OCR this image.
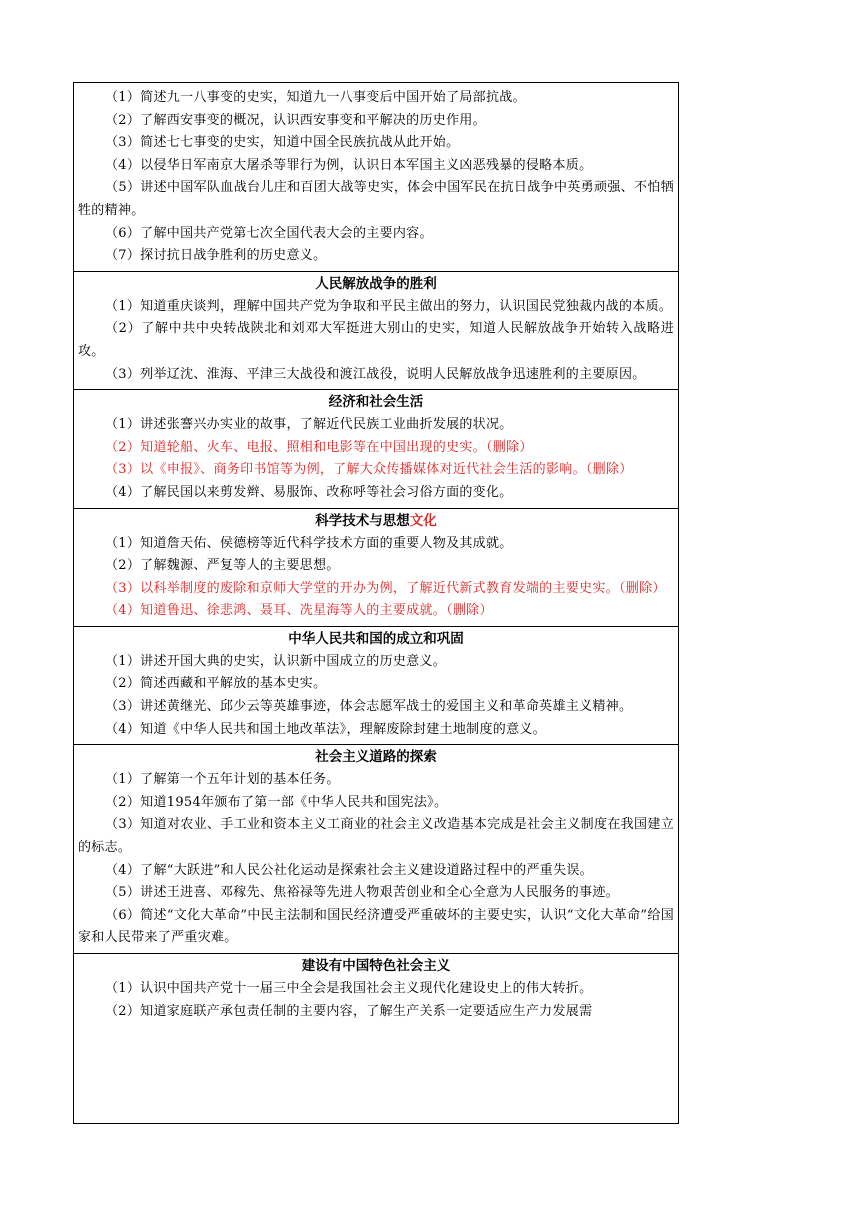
（1）简述九一八事变的史实，知道九一八事变后中国开始了局部抗战。

（2）了解西安事变的概况，认识西安事变和平解决的历史作用。

（3）简述七七事变的史实，知道中国全民族抗战从此开始。

（4）以侵华日军南京大屠杀等罪行为例，认识日本军国主义凶恶残暴的侵略本质。

（5）讲述中国军队血战台儿庄和百团大战等史实，体会中国军民在抗日战争中英勇顽强、不怕牺牲的精神。

（6）了解中国共产党第七次全国代表大会的主要内容。

（7）探讨抗日战争胜利的历史意义。

人民解放战争的胜利

（1）知道重庆谈判，理解中国共产党为争取和平民主做出的努力，认识国民党独裁内战的本质。

（2）了解中共中央转战陕北和刘邓大军挺进大别山的史实，知道人民解放战争开始转入战略进攻。

（3）列举辽沈、淮海、平津三大战役和渡江战役，说明人民解放战争迅速胜利的主要原因。

经济和社会生活

（1）讲述张謇兴办实业的故事，了解近代民族工业曲折发展的状况。

（2）知道轮船、火车、电报、照相和电影等在中国出现的史实。（删除）

（3）以《申报》、商务印书馆等为例，了解大众传播媒体对近代社会生活的影响。（删除）

（4）了解民国以来剪发辫、易服饰、改称呼等社会习俗方面的变化。

科学技术与思想文化

（1）知道詹天佑、侯德榜等近代科学技术方面的重要人物及其成就。

（2）了解魏源、严复等人的主要思想。

（3）以科举制度的废除和京师大学堂的开办为例，了解近代新式教育发端的主要史实。（删除）

（4）知道鲁迅、徐悲鸿、聂耳、冼星海等人的主要成就。（删除）

中华人民共和国的成立和巩固

（1）讲述开国大典的史实，认识新中国成立的历史意义。

（2）简述西藏和平解放的基本史实。

（3）讲述黄继光、邱少云等英雄事迹，体会志愿军战士的爱国主义和革命英雄主义精神。

（4）知道《中华人民共和国土地改革法》，理解废除封建土地制度的意义。

社会主义道路的探索

（1）了解第一个五年计划的基本任务。

（2）知道1954年颁布了第一部《中华人民共和国宪法》。

（3）知道对农业、手工业和资本主义工商业的社会主义改造基本完成是社会主义制度在我国建立的标志。

（4）了解“大跃进”和人民公社化运动是探索社会主义建设道路过程中的严重失误。

（5）讲述王进喜、邓稼先、焦裕禄等先进人物艰苦创业和全心全意为人民服务的事迹。

（6）简述“文化大革命”中民主法制和国民经济遭受严重破坏的主要史实，认识“文化大革命”给国家和人民带来了严重灾难。

建设有中国特色社会主义

（1）认识中国共产党十一届三中全会是我国社会主义现代化建设史上的伟大转折。

（2）知道家庭联产承包责任制的主要内容，了解生产关系一定要适应生产力发展需
